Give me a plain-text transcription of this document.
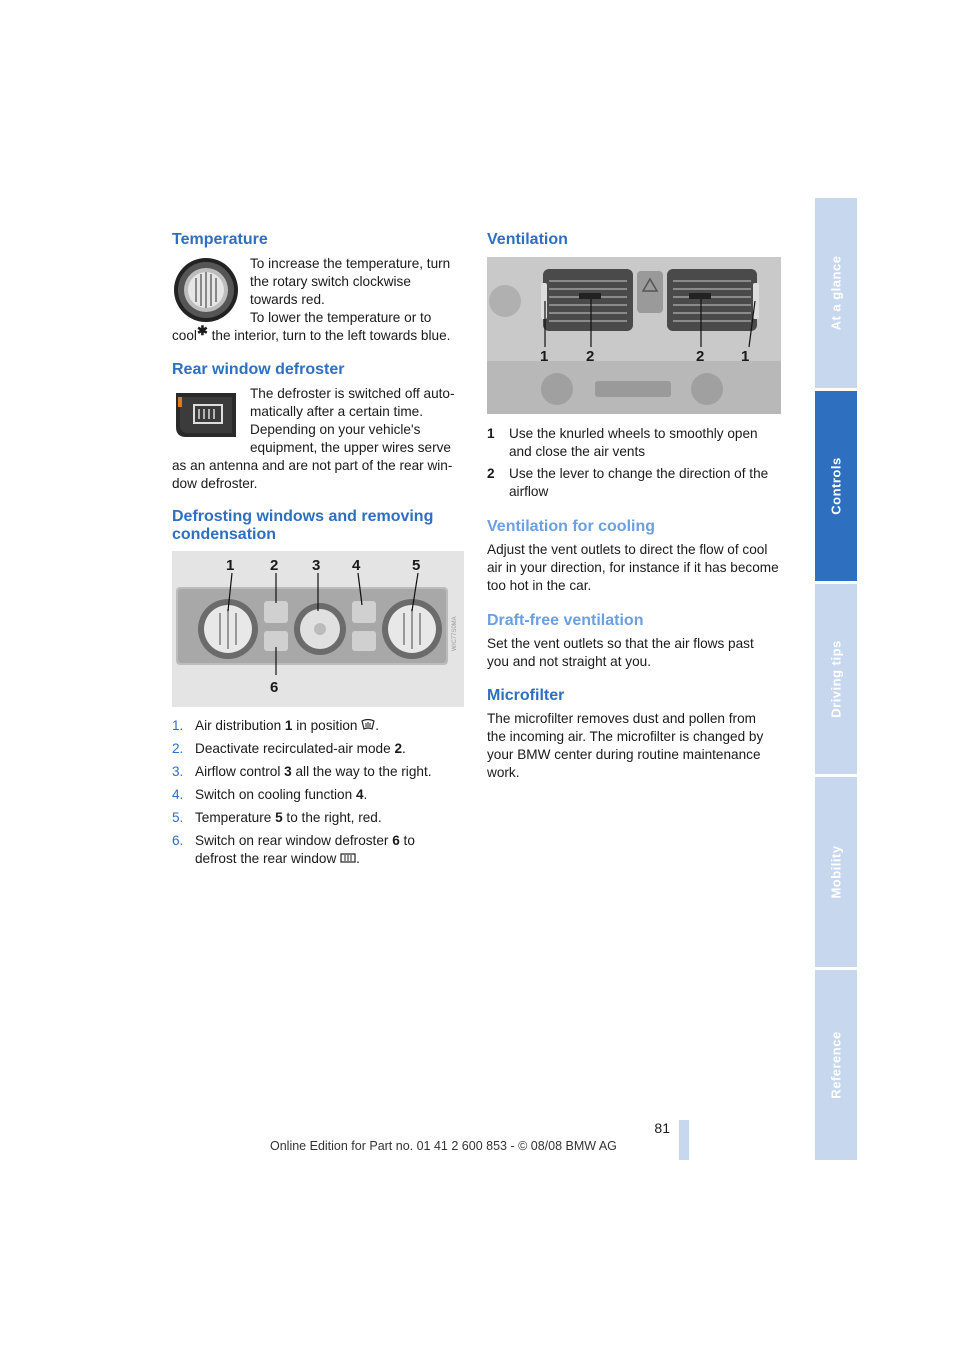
At a glance
Controls
Driving tips
Mobility
Reference
Temperature

To increase the temperature, turn

the rotary switch clockwise

towards red.

To lower the temperature or to

cool✱ the interior, turn to the left towards blue.

Rear window defroster

The defroster is switched off auto-

matically after a certain time.

Depending on your vehicle's

equipment, the upper wires serve

as an antenna and are not part of the rear win-

dow defroster.

Defrosting windows and removing
condensation
1 2 3 4	5
6
W/C77S0MA
1. Air distribution 1 in position .
2. Deactivate recirculated-air mode 2.
3. Airflow control 3 all the way to the right.
4. Switch on cooling function 4.
5. Temperature 5 to the right, red.
6. Switch on rear window defroster 6 to
defrost the rear window .
Ventilation
1	2	2 1
1 Use the knurled wheels to smoothly open
and close the air vents
2 Use the lever to change the direction of the
airflow
Ventilation for cooling

Adjust the vent outlets to direct the flow of cool

air in your direction, for instance if it has become

too hot in the car.

Draft-free ventilation

Set the vent outlets so that the air flows past

you and not straight at you.

Microfilter

The microfilter removes dust and pollen from

the incoming air. The microfilter is changed by

your BMW center during routine maintenance

work.

81
Online Edition for Part no. 01 41 2 600 853 - © 08/08 BMW AG
